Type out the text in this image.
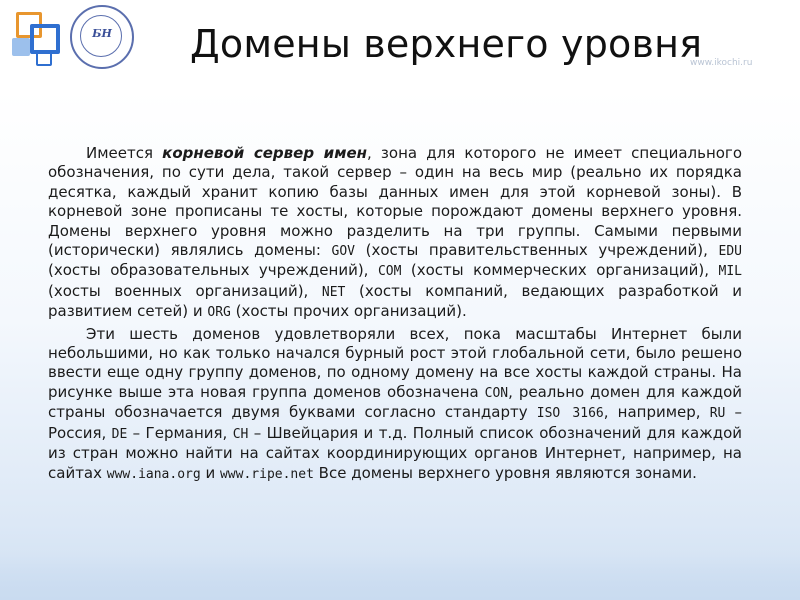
БН	Домены верхнего уровня
www.ikochi.ru

Имеется корневой сервер имен, зона для которого не имеет специального обозначения, по сути дела, такой сервер – один на весь мир (реально их порядка десятка, каждый хранит копию базы данных имен для этой корневой зоны). В корневой зоне прописаны те хосты, которые порождают домены верхнего уровня. Домены верхнего уровня можно разделить на три группы. Самыми первыми (исторически) являлись домены: GOV (хосты правительственных учреждений), EDU (хосты образовательных учреждений), COM (хосты коммерческих организаций), MIL (хосты военных организаций), NET (хосты компаний, ведающих разработкой и развитием сетей) и ORG (хосты прочих организаций).

Эти шесть доменов удовлетворяли всех, пока масштабы Интернет были небольшими, но как только начался бурный рост этой глобальной сети, было решено ввести еще одну группу доменов, по одному домену на все хосты каждой страны. На рисунке выше эта новая группа доменов обозначена CON, реально домен для каждой страны обозначается двумя буквами согласно стандарту ISO 3166, например, RU – Россия, DE – Германия, CH – Швейцария и т.д. Полный список обозначений для каждой из стран можно найти на сайтах координирующих органов Интернет, например, на сайтах www.iana.org и www.ripe.net Все домены верхнего уровня являются зонами.
